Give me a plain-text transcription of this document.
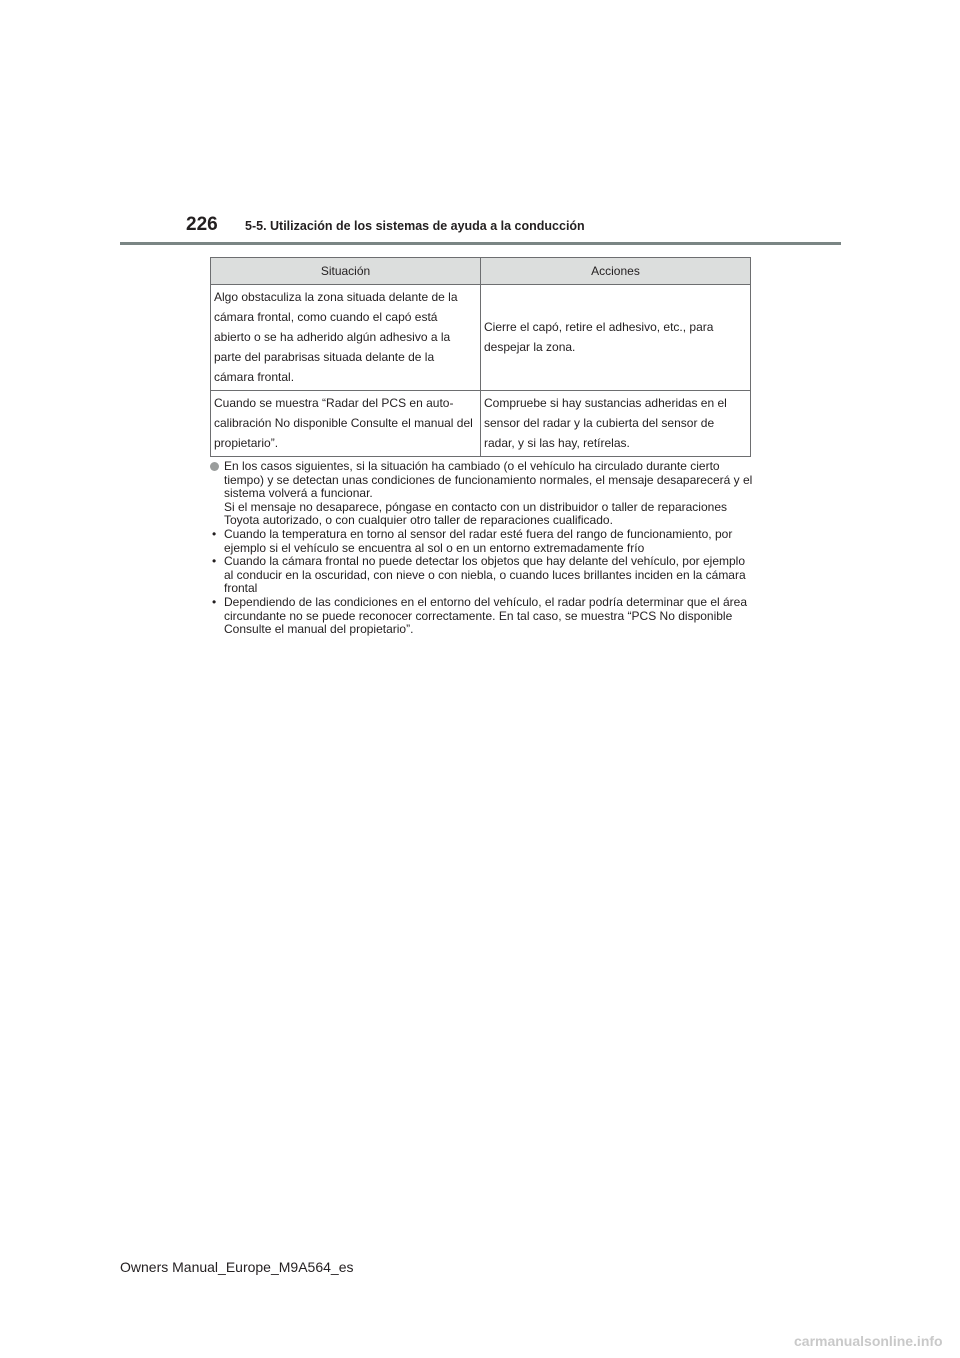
226 5-5. Utilización de los sistemas de ayuda a la conducción
Situación	Acciones
Algo obstaculiza la zona situada delante de la cámara frontal, como cuando el capó está abierto o se ha adherido algún adhesivo a la parte del parabrisas situada delante de la cámara frontal.	Cierre el capó, retire el adhesivo, etc., para despejar la zona.
Cuando se muestra “Radar del PCS en auto-calibración No disponible Consulte el manual del propietario”.	Compruebe si hay sustancias adheridas en el sensor del radar y la cubierta del sensor de radar, y si las hay, retírelas.

En los casos siguientes, si la situación ha cambiado (o el vehículo ha circulado durante cierto tiempo) y se detectan unas condiciones de funcionamiento normales, el mensaje desaparecerá y el sistema volverá a funcionar.

Si el mensaje no desaparece, póngase en contacto con un distribuidor o taller de reparaciones Toyota autorizado, o con cualquier otro taller de reparaciones cualificado.

• Cuando la temperatura en torno al sensor del radar esté fuera del rango de funcionamiento, por ejemplo si el vehículo se encuentra al sol o en un entorno extremadamente frío
• Cuando la cámara frontal no puede detectar los objetos que hay delante del vehículo, por ejemplo al conducir en la oscuridad, con nieve o con niebla, o cuando luces brillantes inciden en la cámara frontal
• Dependiendo de las condiciones en el entorno del vehículo, el radar podría determinar que el área circundante no se puede reconocer correctamente. En tal caso, se muestra “PCS No disponible Consulte el manual del propietario”.
Owners Manual_Europe_M9A564_es
carmanualsonline.info
